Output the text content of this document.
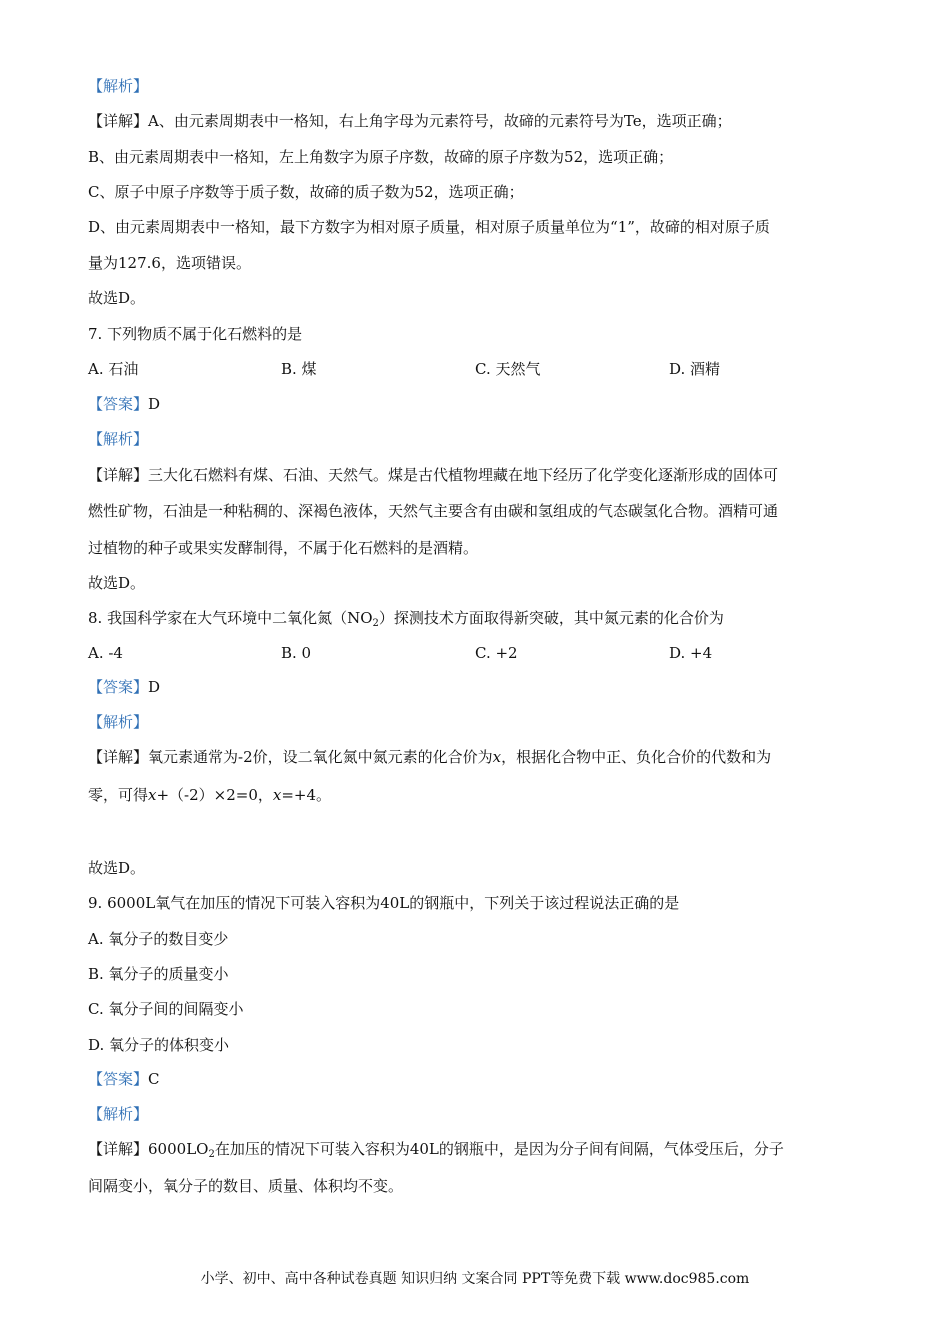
【解析】
【详解】A、由元素周期表中一格知，右上角字母为元素符号，故碲的元素符号为Te，选项正确；
B、由元素周期表中一格知，左上角数字为原子序数，故碲的原子序数为52，选项正确；
C、原子中原子序数等于质子数，故碲的质子数为52，选项正确；
D、由元素周期表中一格知，最下方数字为相对原子质量，相对原子质量单位为“1”，故碲的相对原子质
量为127.6，选项错误。
故选D。
7. 下列物质不属于化石燃料的是
A. 石油	B. 煤	C. 天然气	D. 酒精
【答案】D
【解析】
【详解】三大化石燃料有煤、石油、天然气。煤是古代植物埋藏在地下经历了化学变化逐渐形成的固体可
燃性矿物，石油是一种粘稠的、深褐色液体，天然气主要含有由碳和氢组成的气态碳氢化合物。酒精可通
过植物的种子或果实发酵制得，不属于化石燃料的是酒精。
故选D。
8. 我国科学家在大气环境中二氧化氮$(NO_2)$探测技术方面取得新突破，其中氮元素的化合价为
A. -4	B. 0	C. +2	D. +4
【答案】D
【解析】
【详解】氧元素通常为-2价，设二氧化氮中氮元素的化合价为x，根据化合物中正、负化合价的代数和为
零，可得x+（-2）×2=0，x=+4。
故选D。
9. 6000L氧气在加压的情况下可装入容积为40L的钢瓶中，下列关于该过程说法正确的是
A. 氧分子的数目变少
B. 氧分子的质量变小
C. 氧分子间的间隔变小
D. 氧分子的体积变小
【答案】C
【解析】
【详解】$6000LO_2$在加压的情况下可装入容积为40L的钢瓶中，是因为分子间有间隔，气体受压后，分子
间隔变小，氧分子的数目、质量、体积均不变。
小学、初中、高中各种试卷真题 知识归纳 文案合同 PPT等免费下载 www.doc985.com
